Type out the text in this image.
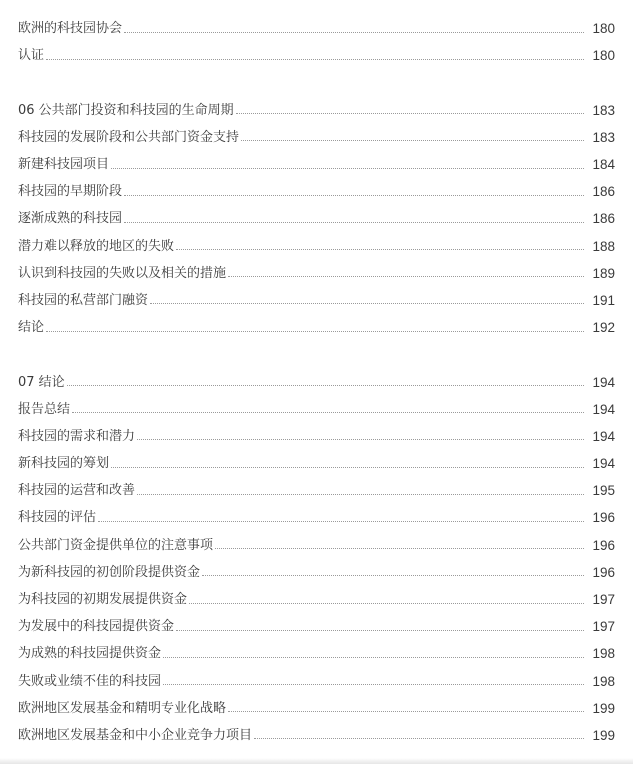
欧洲的科技园协会	180
认证	180
06 公共部门投资和科技园的生命周期	183
科技园的发展阶段和公共部门资金支持	183
新建科技园项目	184
科技园的早期阶段	186
逐渐成熟的科技园	186
潜力难以释放的地区的失败	188
认识到科技园的失败以及相关的措施	189
科技园的私营部门融资	191
结论	192
07 结论	194
报告总结	194
科技园的需求和潜力	194
新科技园的筹划	194
科技园的运营和改善	195
科技园的评估	196
公共部门资金提供单位的注意事项	196
为新科技园的初创阶段提供资金	196
为科技园的初期发展提供资金	197
为发展中的科技园提供资金	197
为成熟的科技园提供资金	198
失败或业绩不佳的科技园	198
欧洲地区发展基金和精明专业化战略	199
欧洲地区发展基金和中小企业竞争力项目	199
